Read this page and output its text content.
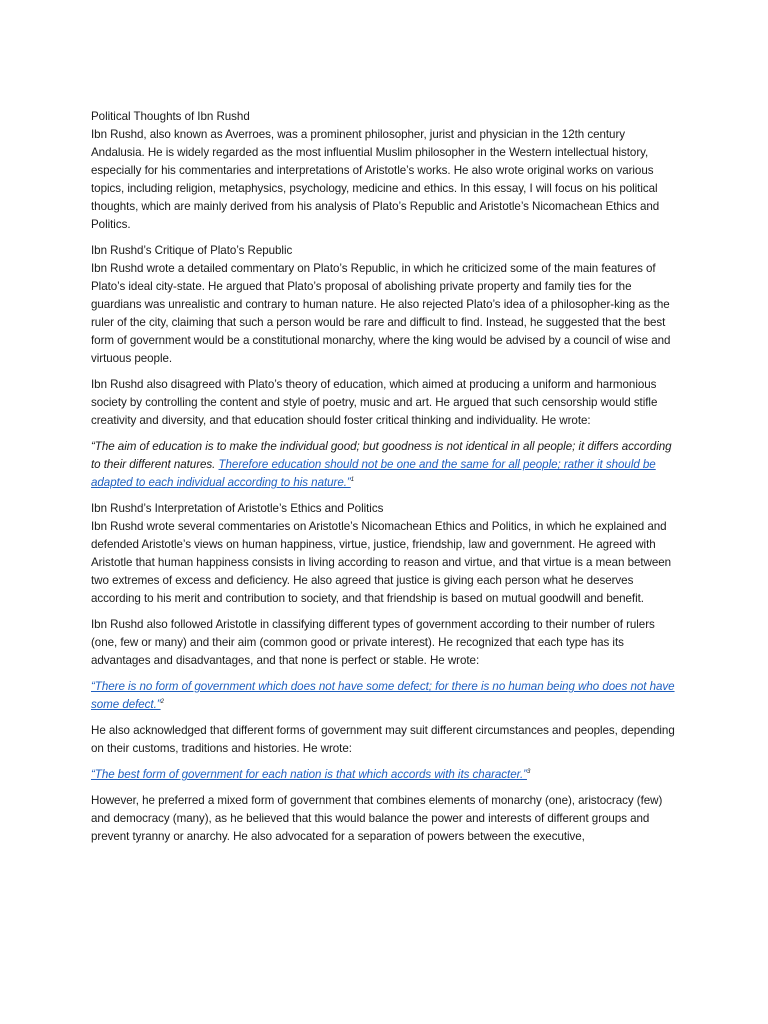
Political Thoughts of Ibn Rushd
Ibn Rushd, also known as Averroes, was a prominent philosopher, jurist and physician in the 12th century Andalusia. He is widely regarded as the most influential Muslim philosopher in the Western intellectual history, especially for his commentaries and interpretations of Aristotle’s works. He also wrote original works on various topics, including religion, metaphysics, psychology, medicine and ethics. In this essay, I will focus on his political thoughts, which are mainly derived from his analysis of Plato’s Republic and Aristotle’s Nicomachean Ethics and Politics.

Ibn Rushd’s Critique of Plato’s Republic
Ibn Rushd wrote a detailed commentary on Plato’s Republic, in which he criticized some of the main features of Plato’s ideal city-state. He argued that Plato’s proposal of abolishing private property and family ties for the guardians was unrealistic and contrary to human nature. He also rejected Plato’s idea of a philosopher-king as the ruler of the city, claiming that such a person would be rare and difficult to find. Instead, he suggested that the best form of government would be a constitutional monarchy, where the king would be advised by a council of wise and virtuous people.

Ibn Rushd also disagreed with Plato’s theory of education, which aimed at producing a uniform and harmonious society by controlling the content and style of poetry, music and art. He argued that such censorship would stifle creativity and diversity, and that education should foster critical thinking and individuality. He wrote:

“The aim of education is to make the individual good; but goodness is not identical in all people; it differs according to their different natures. Therefore education should not be one and the same for all people; rather it should be adapted to each individual according to his nature.”$^1$

Ibn Rushd’s Interpretation of Aristotle’s Ethics and Politics
Ibn Rushd wrote several commentaries on Aristotle’s Nicomachean Ethics and Politics, in which he explained and defended Aristotle’s views on human happiness, virtue, justice, friendship, law and government. He agreed with Aristotle that human happiness consists in living according to reason and virtue, and that virtue is a mean between two extremes of excess and deficiency. He also agreed that justice is giving each person what he deserves according to his merit and contribution to society, and that friendship is based on mutual goodwill and benefit.

Ibn Rushd also followed Aristotle in classifying different types of government according to their number of rulers (one, few or many) and their aim (common good or private interest). He recognized that each type has its advantages and disadvantages, and that none is perfect or stable. He wrote:

“There is no form of government which does not have some defect; for there is no human being who does not have some defect.”$^2$

He also acknowledged that different forms of government may suit different circumstances and peoples, depending on their customs, traditions and histories. He wrote:

“The best form of government for each nation is that which accords with its character.”$^3$

However, he preferred a mixed form of government that combines elements of monarchy (one), aristocracy (few) and democracy (many), as he believed that this would balance the power and interests of different groups and prevent tyranny or anarchy. He also advocated for a separation of powers between the executive,
